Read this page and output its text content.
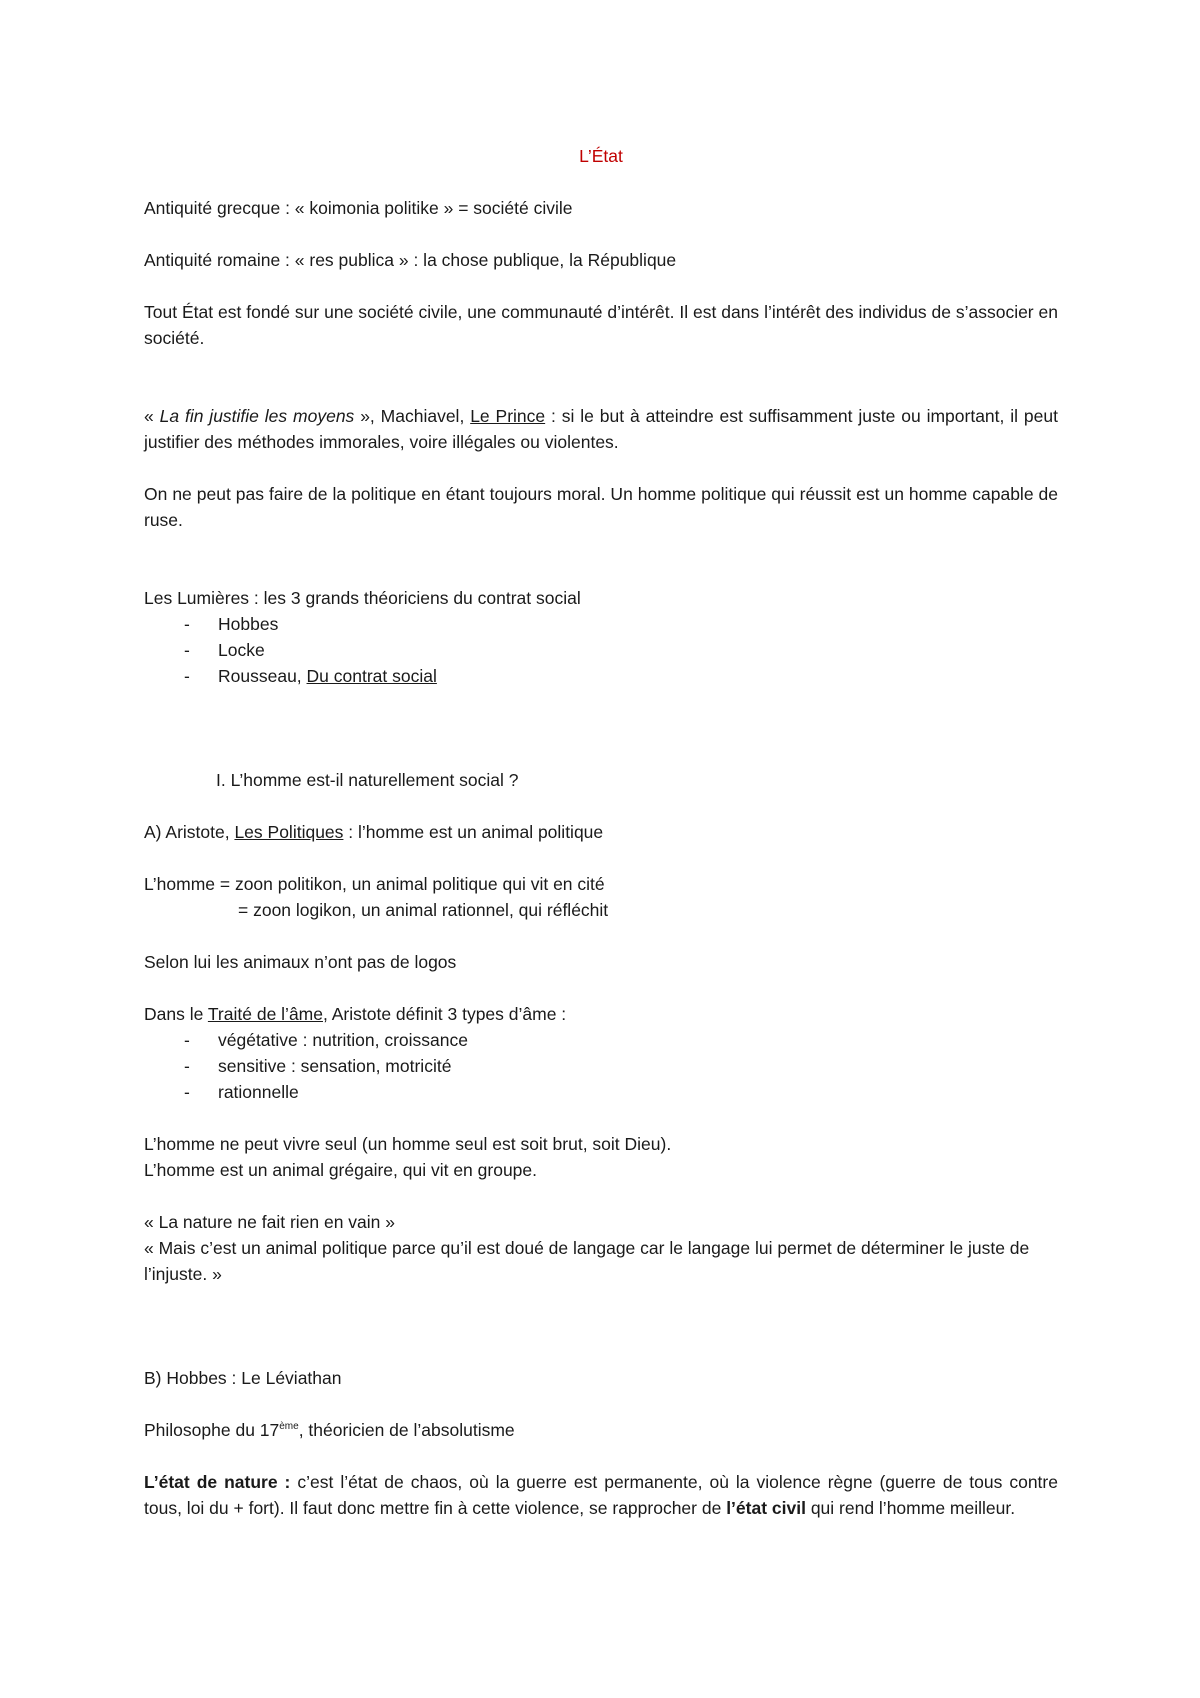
L’État

Antiquité grecque : « koimonia politike » = société civile

Antiquité romaine : « res publica » : la chose publique, la République

Tout État est fondé sur une société civile, une communauté d’intérêt. Il est dans l’intérêt des individus de s’associer en société.

« La fin justifie les moyens », Machiavel, Le Prince : si le but à atteindre est suffisamment juste ou important, il peut justifier des méthodes immorales, voire illégales ou violentes.

On ne peut pas faire de la politique en étant toujours moral. Un homme politique qui réussit est un homme capable de ruse.

Les Lumières : les 3 grands théoriciens du contrat social
- Hobbes
- Locke
- Rousseau, Du contrat social
I. L’homme est-il naturellement social ?

A) Aristote, Les Politiques : l’homme est un animal politique

L’homme = zoon politikon, un animal politique qui vit en cité

= zoon logikon, un animal rationnel, qui réfléchit

Selon lui les animaux n’ont pas de logos

Dans le Traité de l’âme, Aristote définit 3 types d’âme :
- végétative : nutrition, croissance
- sensitive : sensation, motricité
- rationnelle
L’homme ne peut vivre seul (un homme seul est soit brut, soit Dieu).

L’homme est un animal grégaire, qui vit en groupe.

« La nature ne fait rien en vain »

« Mais c’est un animal politique parce qu’il est doué de langage car le langage lui permet de déterminer le juste de l’injuste. »

B) Hobbes : Le Léviathan

Philosophe du 17ème, théoricien de l’absolutisme

L’état de nature : c’est l’état de chaos, où la guerre est permanente, où la violence règne (guerre de tous contre tous, loi du + fort). Il faut donc mettre fin à cette violence, se rapprocher de l’état civil qui rend l’homme meilleur.
